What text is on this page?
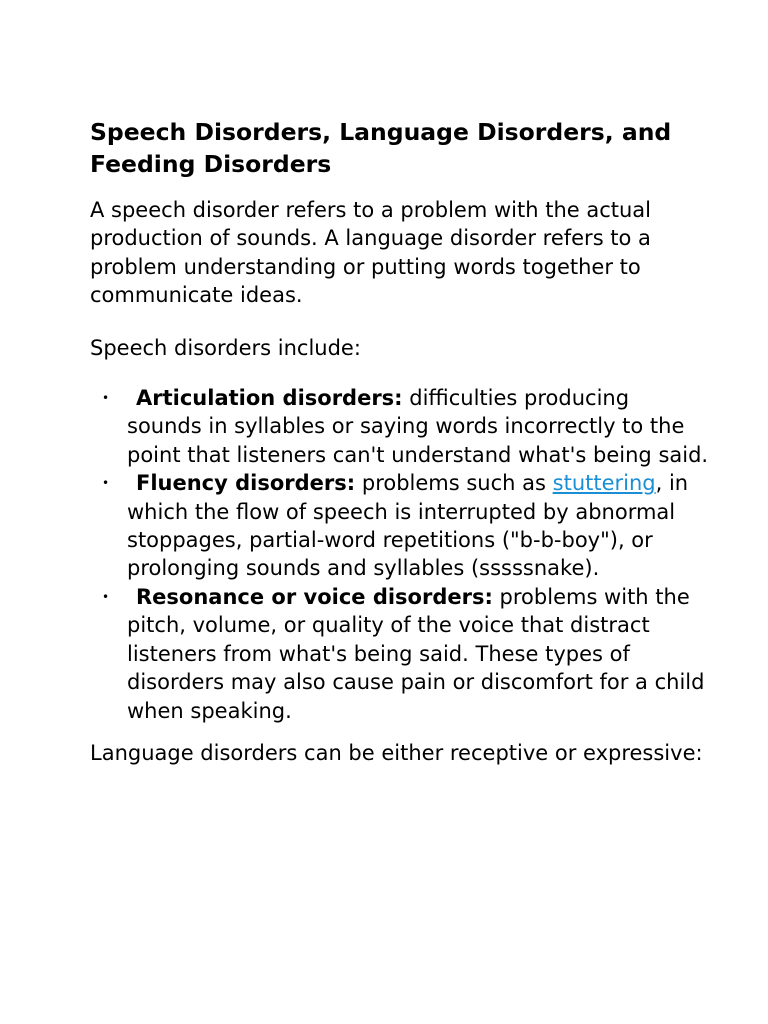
Speech Disorders, Language Disorders, and Feeding Disorders

A speech disorder refers to a problem with the actual production of sounds. A language disorder refers to a problem understanding or putting words together to communicate ideas.

Speech disorders include:

• Articulation disorders: difficulties producing sounds in syllables or saying words incorrectly to the point that listeners can't understand what's being said.
• Fluency disorders: problems such as stuttering, in which the flow of speech is interrupted by abnormal stoppages, partial-word repetitions ("b-b-boy"), or prolonging sounds and syllables (sssssnake).
• Resonance or voice disorders: problems with the pitch, volume, or quality of the voice that distract listeners from what's being said. These types of disorders may also cause pain or discomfort for a child when speaking.

Language disorders can be either receptive or expressive:
